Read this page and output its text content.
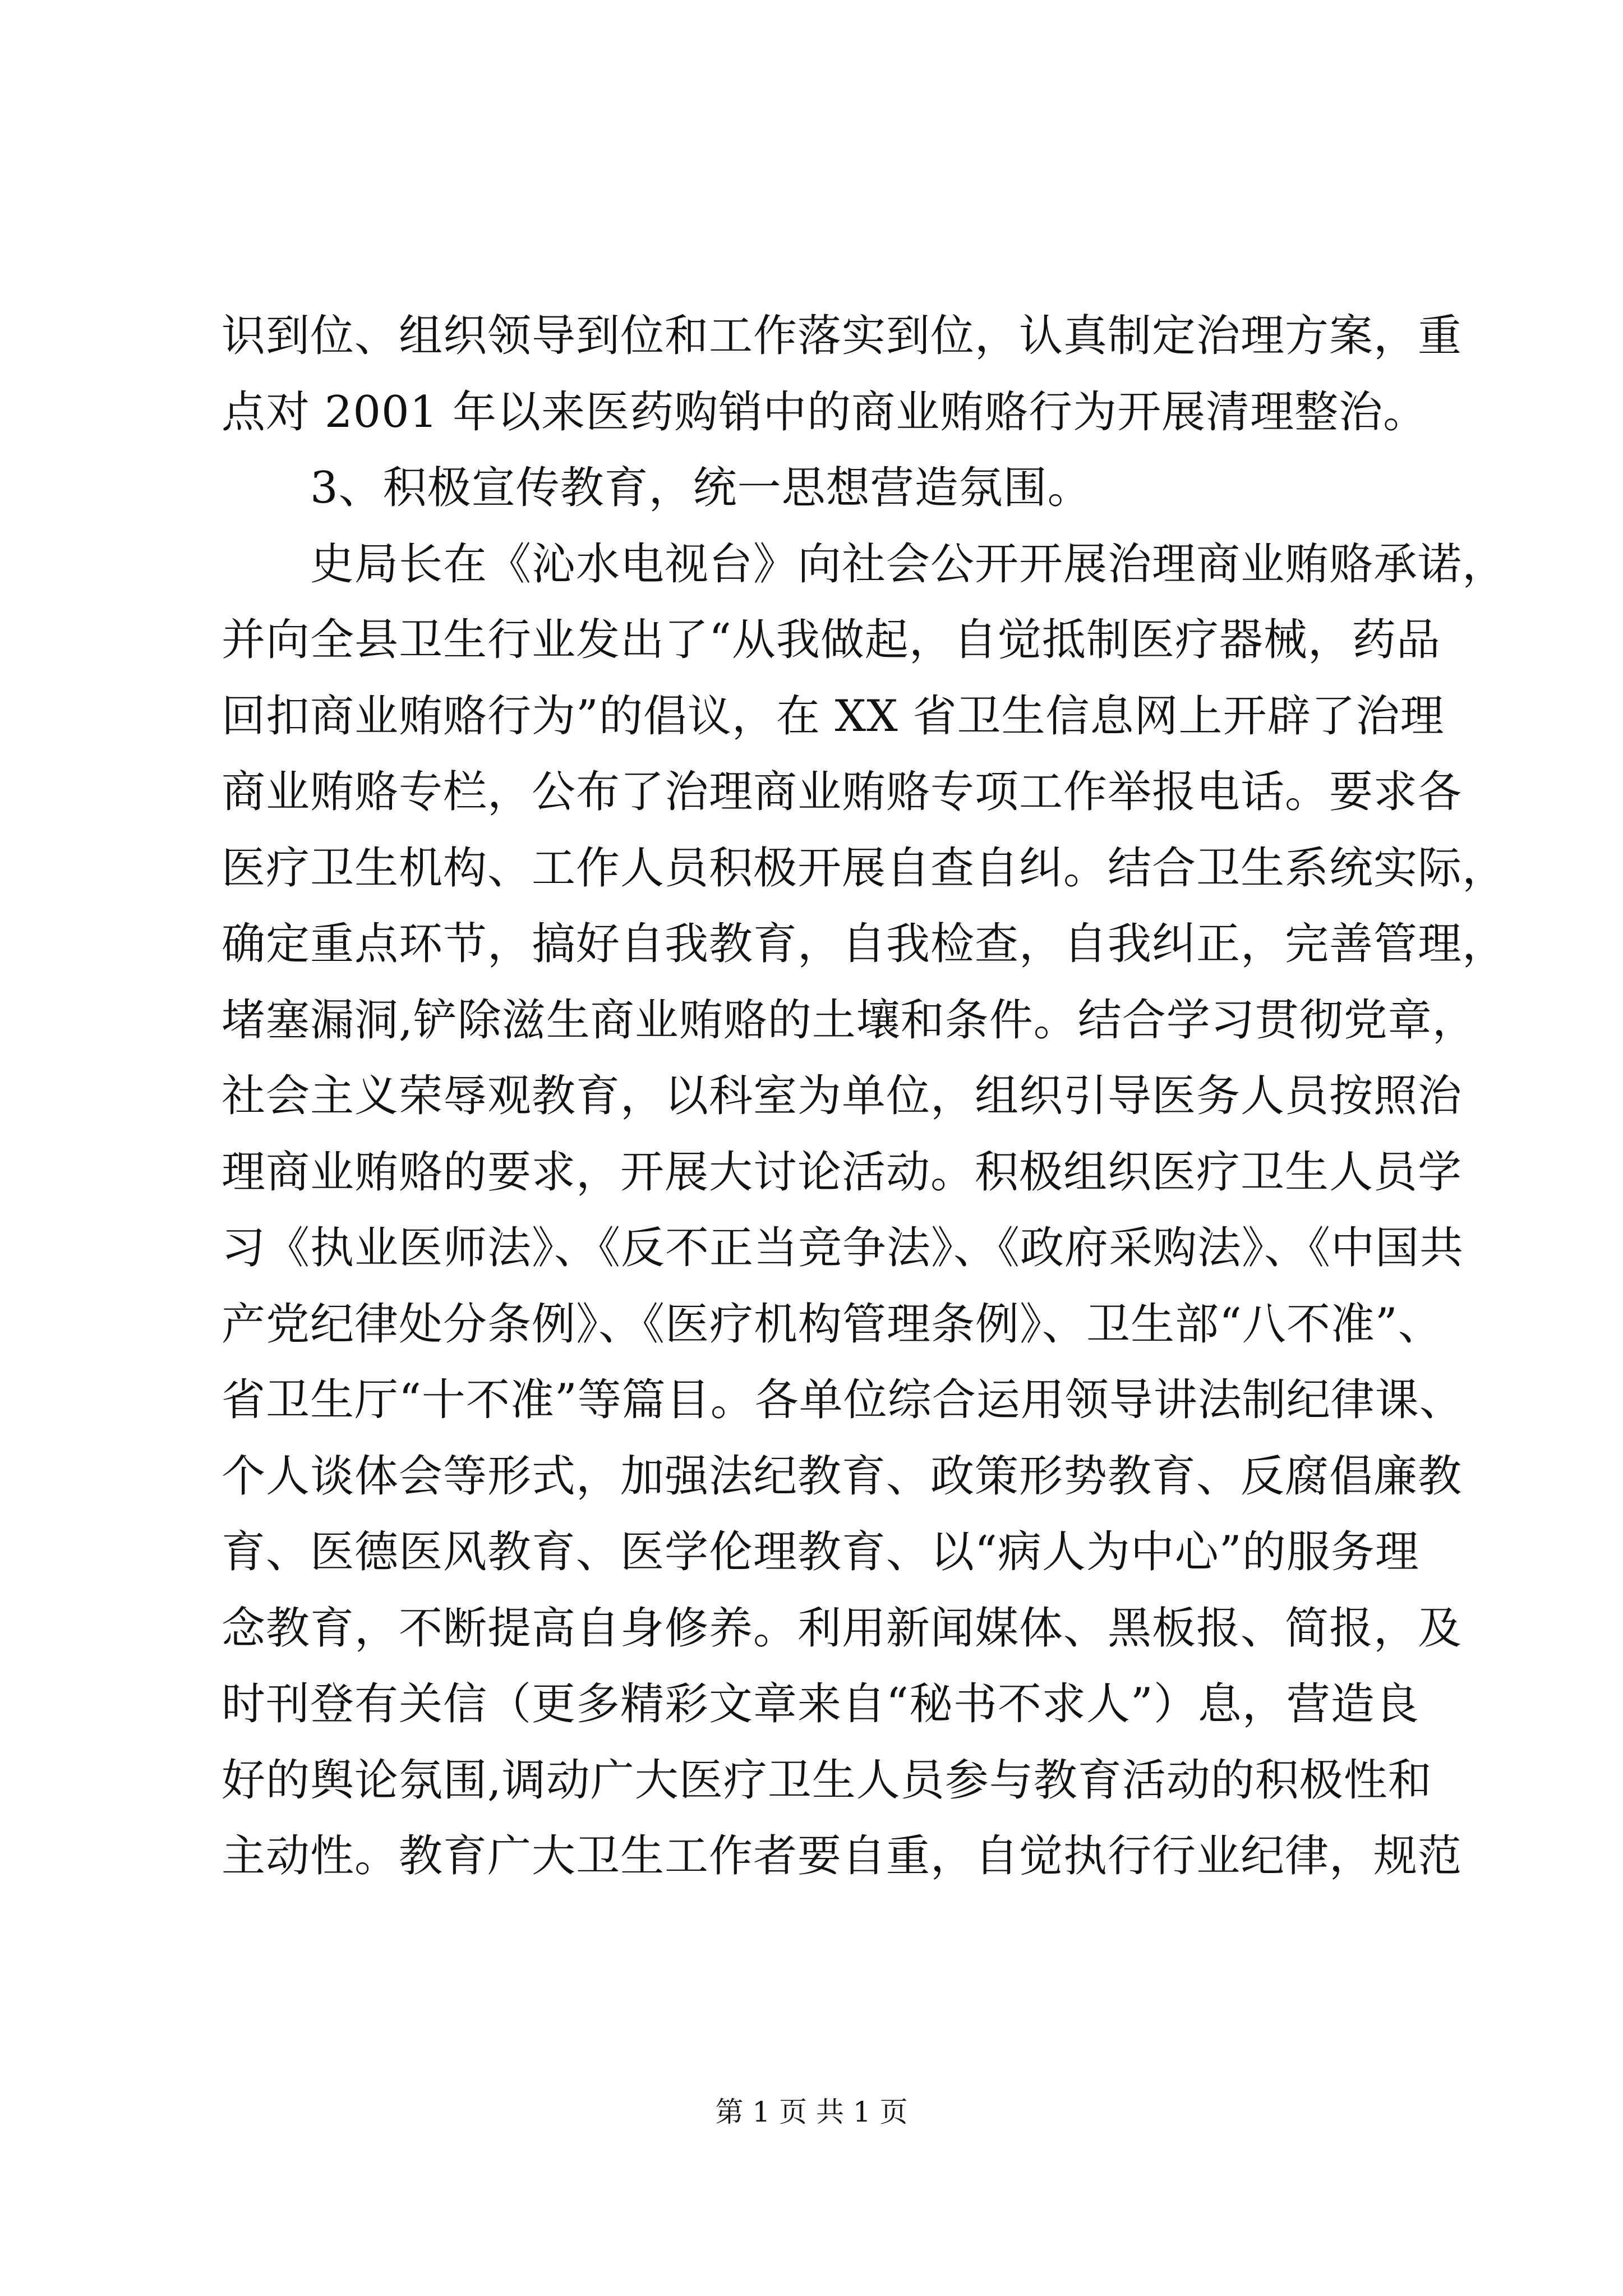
识到位、组织领导到位和工作落实到位，认真制定治理方案，重
点对 2001 年以来医药购销中的商业贿赂行为开展清理整治。
3、积极宣传教育，统一思想营造氛围。
史局长在《沁水电视台》向社会公开开展治理商业贿赂承诺，
并向全县卫生行业发出了“从我做起，自觉抵制医疗器械，药品
回扣商业贿赂行为”的倡议，在 XX 省卫生信息网上开辟了治理
商业贿赂专栏，公布了治理商业贿赂专项工作举报电话。要求各
医疗卫生机构、工作人员积极开展自查自纠。结合卫生系统实际，
确定重点环节，搞好自我教育，自我检查，自我纠正，完善管理，
堵塞漏洞,铲除滋生商业贿赂的土壤和条件。结合学习贯彻党章，
社会主义荣辱观教育，以科室为单位，组织引导医务人员按照治
理商业贿赂的要求，开展大讨论活动。积极组织医疗卫生人员学
习《执业医师法》、《反不正当竞争法》、《政府采购法》、《中国共
产党纪律处分条例》、《医疗机构管理条例》、卫生部“八不准”、
省卫生厅“十不准”等篇目。各单位综合运用领导讲法制纪律课、
个人谈体会等形式，加强法纪教育、政策形势教育、反腐倡廉教
育、医德医风教育、医学伦理教育、以“病人为中心”的服务理
念教育，不断提高自身修养。利用新闻媒体、黑板报、简报，及
时刊登有关信（更多精彩文章来自“秘书不求人”）息，营造良
好的舆论氛围,调动广大医疗卫生人员参与教育活动的积极性和
主动性。教育广大卫生工作者要自重，自觉执行行业纪律，规范
第 1 页 共 1 页
